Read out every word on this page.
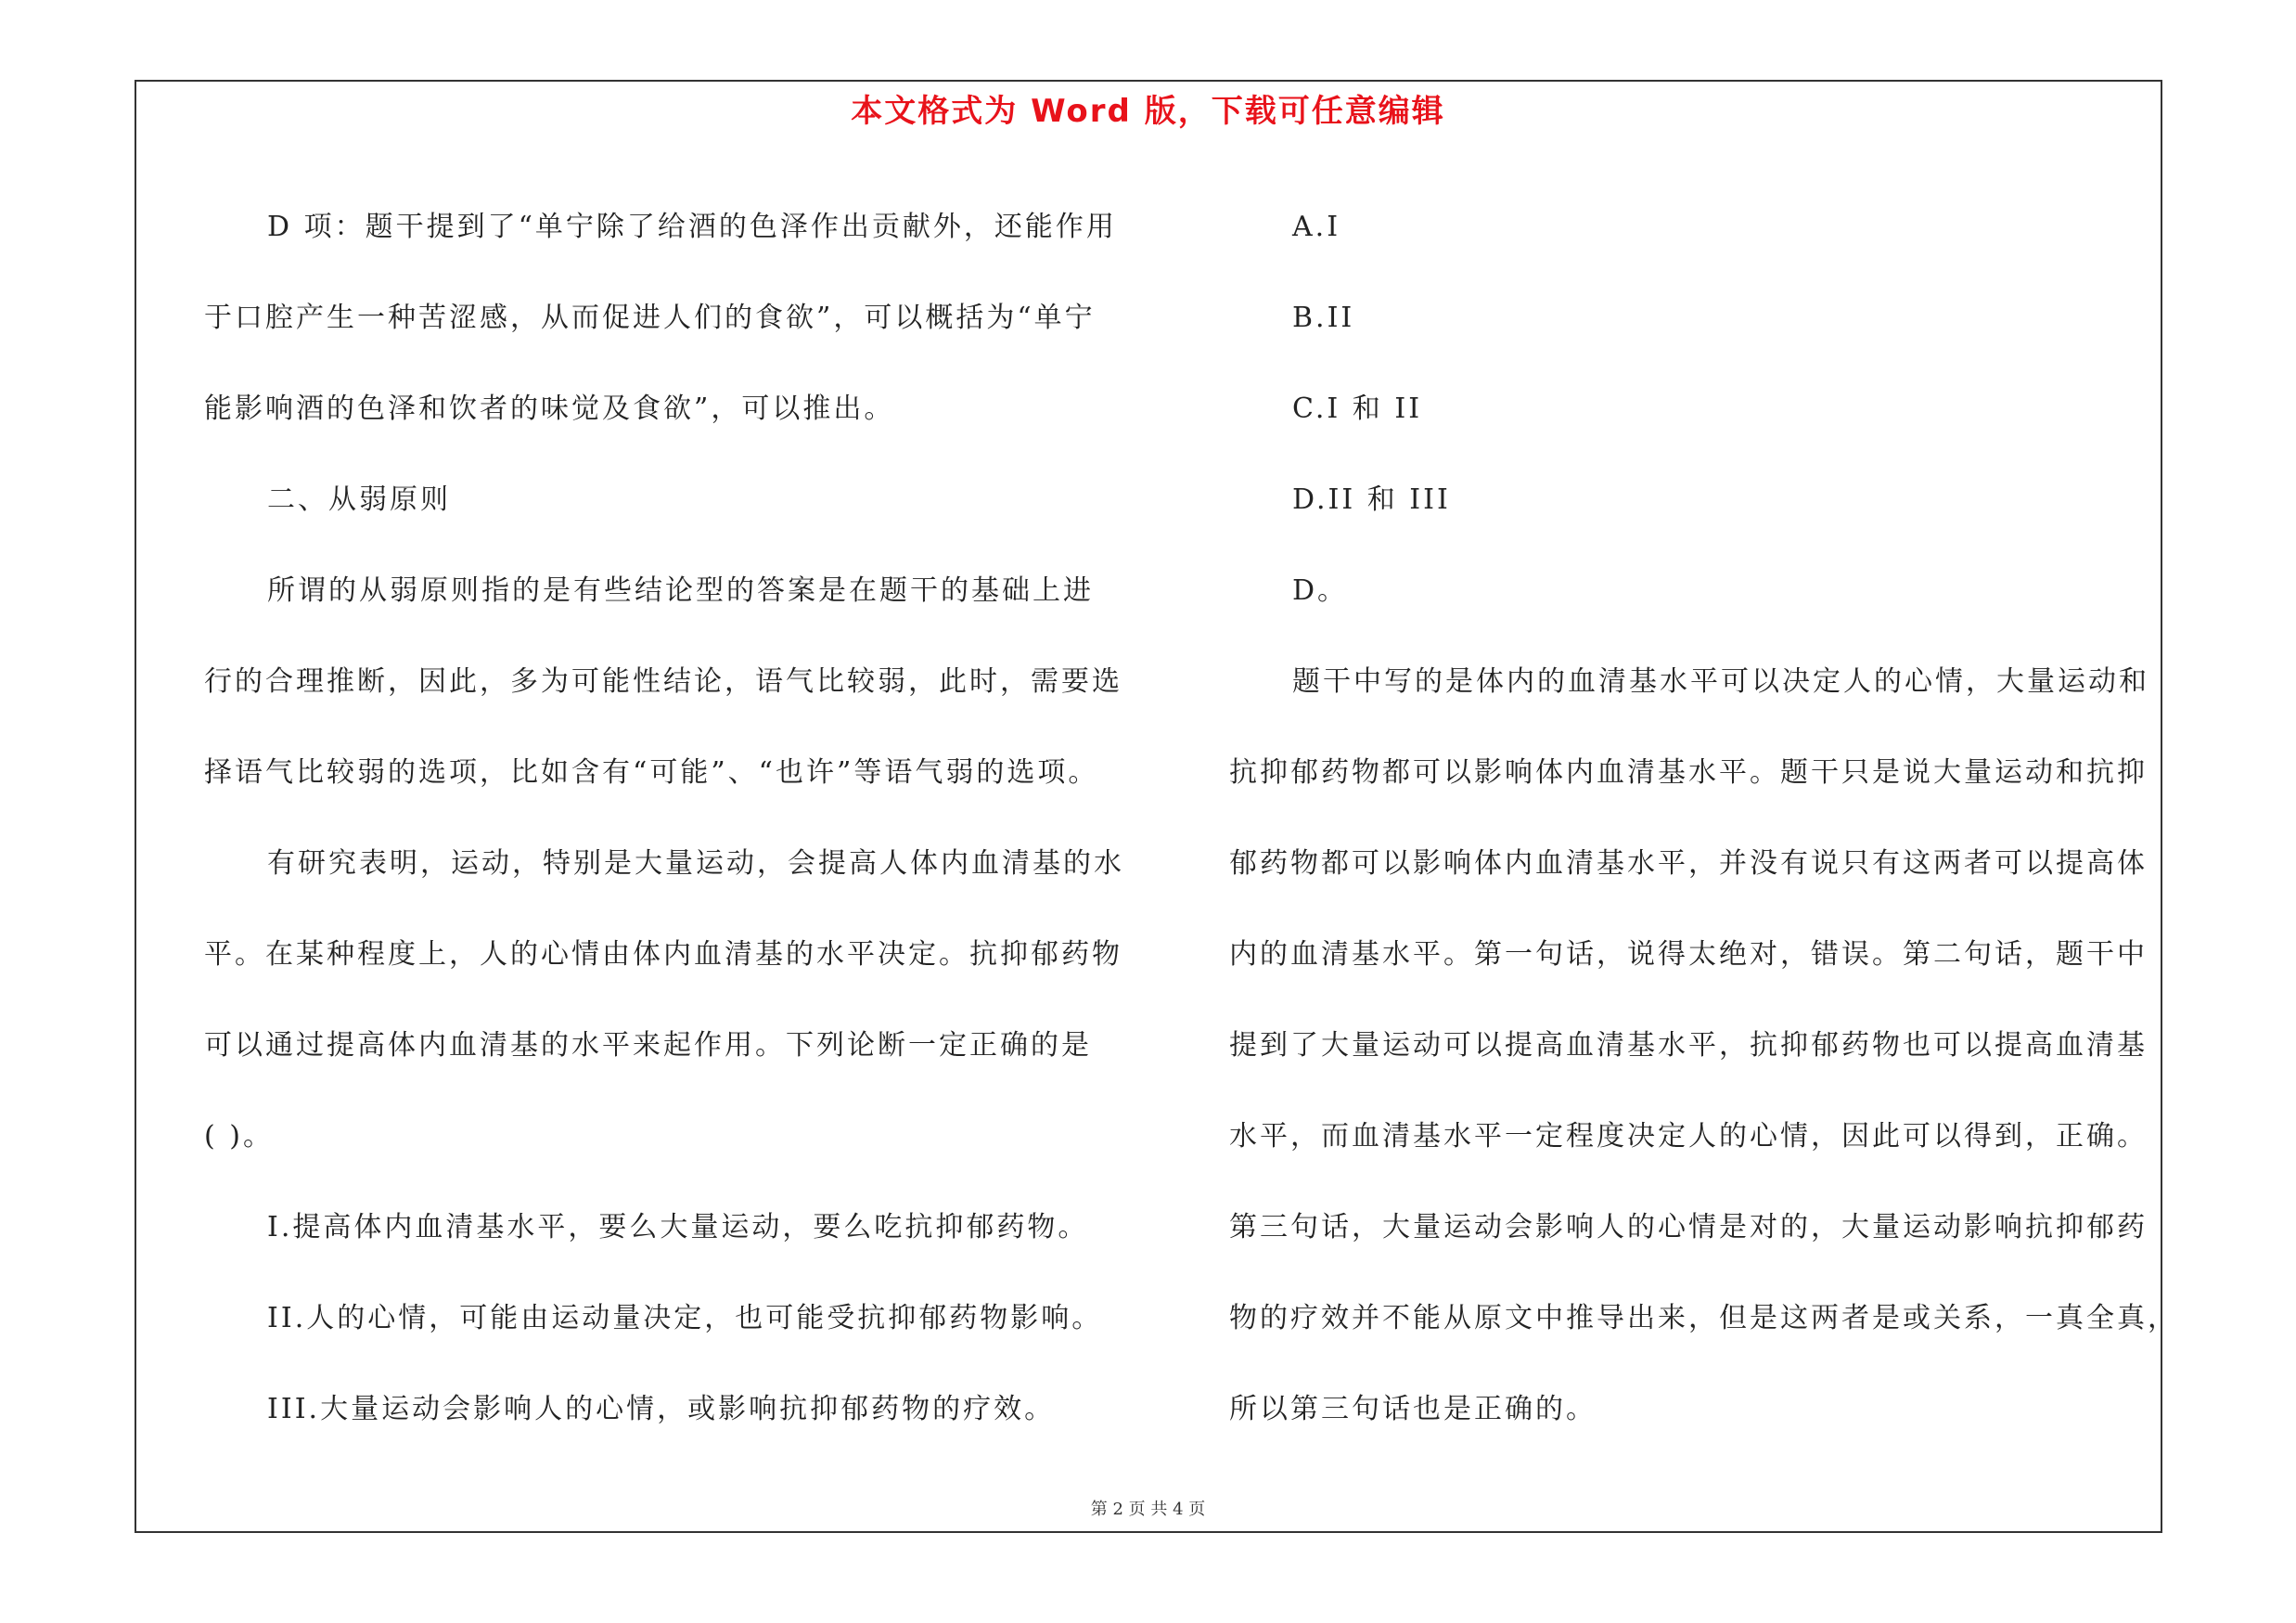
本文格式为 Word 版，下载可任意编辑
D 项：题干提到了“单宁除了给酒的色泽作出贡献外，还能作用
于口腔产生一种苦涩感，从而促进人们的食欲”，可以概括为“单宁
能影响酒的色泽和饮者的味觉及食欲”，可以推出。
二、从弱原则
所谓的从弱原则指的是有些结论型的答案是在题干的基础上进
行的合理推断，因此，多为可能性结论，语气比较弱，此时，需要选
择语气比较弱的选项，比如含有“可能”、“也许”等语气弱的选项。
有研究表明，运动，特别是大量运动，会提高人体内血清基的水
平。在某种程度上，人的心情由体内血清基的水平决定。抗抑郁药物
可以通过提高体内血清基的水平来起作用。下列论断一定正确的是
( )。
I.提高体内血清基水平，要么大量运动，要么吃抗抑郁药物。
II.人的心情，可能由运动量决定，也可能受抗抑郁药物影响。
III.大量运动会影响人的心情，或影响抗抑郁药物的疗效。
A.I
B.II
C.I 和 II
D.II 和 III
D。
题干中写的是体内的血清基水平可以决定人的心情，大量运动和
抗抑郁药物都可以影响体内血清基水平。题干只是说大量运动和抗抑
郁药物都可以影响体内血清基水平，并没有说只有这两者可以提高体
内的血清基水平。第一句话，说得太绝对，错误。第二句话，题干中
提到了大量运动可以提高血清基水平，抗抑郁药物也可以提高血清基
水平，而血清基水平一定程度决定人的心情，因此可以得到，正确。
第三句话，大量运动会影响人的心情是对的，大量运动影响抗抑郁药
物的疗效并不能从原文中推导出来，但是这两者是或关系，一真全真，
所以第三句话也是正确的。
第 2 页 共 4 页
